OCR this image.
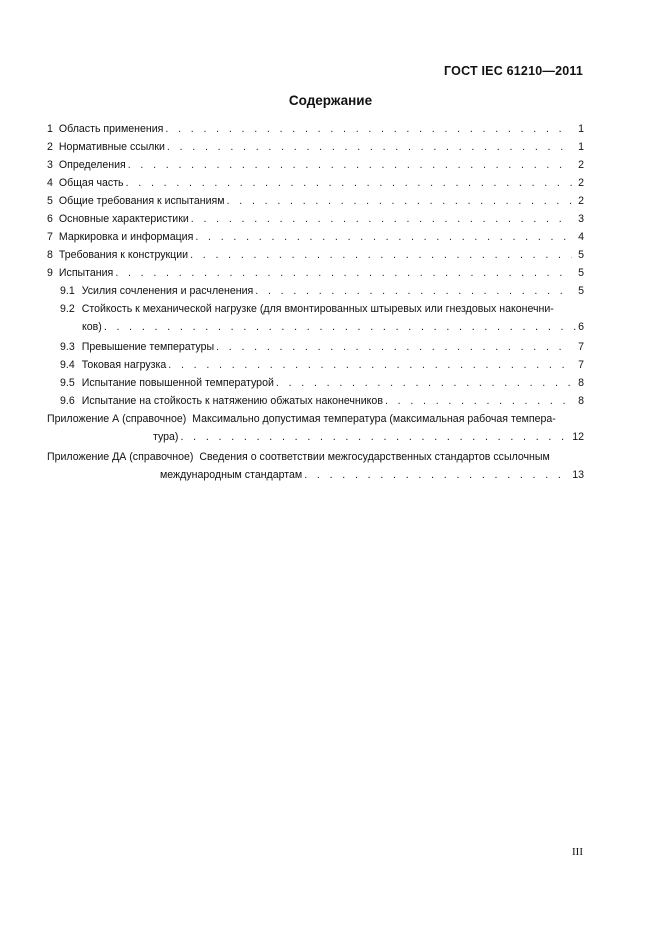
ГОСТ IEC 61210—2011
Содержание
1 Область применения . . .	1
2 Нормативные ссылки . . .	1
3 Определения . . .	2
4 Общая часть . . .	2
5 Общие требования к испытаниям . . .	2
6 Основные характеристики . . .	3
7 Маркировка и информация . . .	4
8 Требования к конструкции . . .	5
9 Испытания . . .	5
9.1 Усилия сочленения и расчленения . . .	5
9.2 Стойкость к механической нагрузке (для вмонтированных штыревых или гнездовых наконечни-
ков) . . .	6
9.3 Превышение температуры . . .	7
9.4 Токовая нагрузка . . .	7
9.5 Испытание повышенной температурой . . .	8
9.6 Испытание на стойкость к натяжению обжатых наконечников . . .	8
Приложение А (справочное) Максимально допустимая температура (максимальная рабочая темпера-
тура) . . .	12
Приложение ДА (справочное) Сведения о соответствии межгосударственных стандартов ссылочным
международным стандартам . . .	13
III
